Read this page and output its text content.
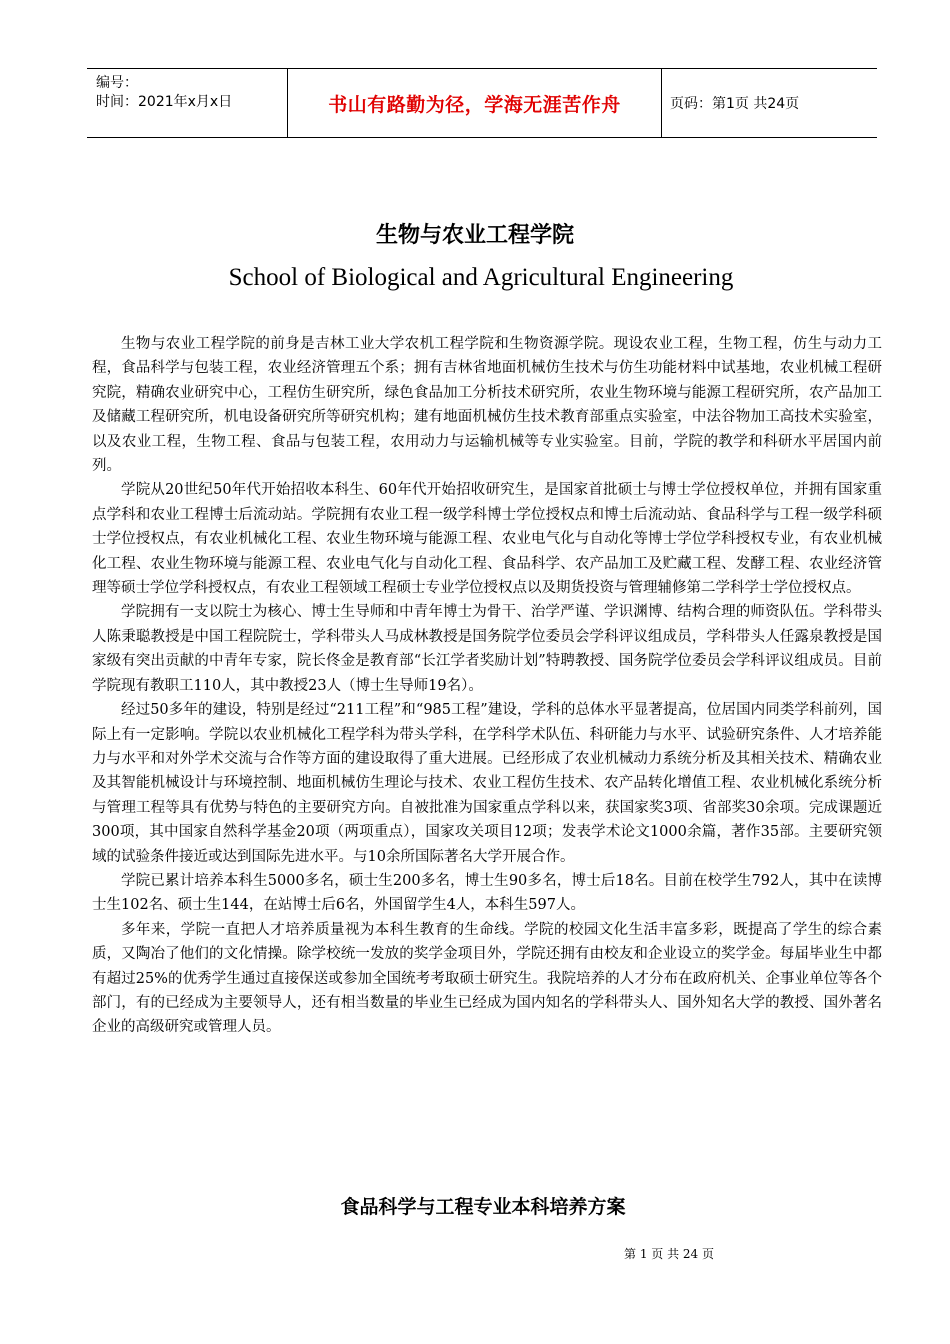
编号：
时间：2021年x月x日	书山有路勤为径，学海无涯苦作舟	页码：第1页 共24页
生物与农业工程学院
School of Biological and Agricultural Engineering

生物与农业工程学院的前身是吉林工业大学农机工程学院和生物资源学院。现设农业工程，生物工程，仿生与动力工程，食品科学与包装工程，农业经济管理五个系；拥有吉林省地面机械仿生技术与仿生功能材料中试基地，农业机械工程研究院，精确农业研究中心，工程仿生研究所，绿色食品加工分析技术研究所，农业生物环境与能源工程研究所，农产品加工及储藏工程研究所，机电设备研究所等研究机构；建有地面机械仿生技术教育部重点实验室，中法谷物加工高技术实验室，以及农业工程，生物工程、食品与包装工程，农用动力与运输机械等专业实验室。目前，学院的教学和科研水平居国内前列。

学院从20世纪50年代开始招收本科生、60年代开始招收研究生，是国家首批硕士与博士学位授权单位，并拥有国家重点学科和农业工程博士后流动站。学院拥有农业工程一级学科博士学位授权点和博士后流动站、食品科学与工程一级学科硕士学位授权点，有农业机械化工程、农业生物环境与能源工程、农业电气化与自动化等博士学位学科授权专业，有农业机械化工程、农业生物环境与能源工程、农业电气化与自动化工程、食品科学、农产品加工及贮藏工程、发酵工程、农业经济管理等硕士学位学科授权点，有农业工程领域工程硕士专业学位授权点以及期货投资与管理辅修第二学科学士学位授权点。

学院拥有一支以院士为核心、博士生导师和中青年博士为骨干、治学严谨、学识渊博、结构合理的师资队伍。学科带头人陈秉聪教授是中国工程院院士，学科带头人马成林教授是国务院学位委员会学科评议组成员，学科带头人任露泉教授是国家级有突出贡献的中青年专家，院长佟金是教育部“长江学者奖励计划”特聘教授、国务院学位委员会学科评议组成员。目前学院现有教职工110人，其中教授23人（博士生导师19名）。

经过50多年的建设，特别是经过“211工程”和“985工程”建设，学科的总体水平显著提高，位居国内同类学科前列，国际上有一定影响。学院以农业机械化工程学科为带头学科，在学科学术队伍、科研能力与水平、试验研究条件、人才培养能力与水平和对外学术交流与合作等方面的建设取得了重大进展。已经形成了农业机械动力系统分析及其相关技术、精确农业及其智能机械设计与环境控制、地面机械仿生理论与技术、农业工程仿生技术、农产品转化增值工程、农业机械化系统分析与管理工程等具有优势与特色的主要研究方向。自被批准为国家重点学科以来，获国家奖3项、省部奖30余项。完成课题近300项，其中国家自然科学基金20项（两项重点），国家攻关项目12项；发表学术论文1000余篇，著作35部。主要研究领域的试验条件接近或达到国际先进水平。与10余所国际著名大学开展合作。

学院已累计培养本科生5000多名，硕士生200多名，博士生90多名，博士后18名。目前在校学生792人，其中在读博士生102名、硕士生144，在站博士后6名，外国留学生4人，本科生597人。

多年来，学院一直把人才培养质量视为本科生教育的生命线。学院的校园文化生活丰富多彩，既提高了学生的综合素质，又陶冶了他们的文化情操。除学校统一发放的奖学金项目外，学院还拥有由校友和企业设立的奖学金。每届毕业生中都有超过25%的优秀学生通过直接保送或参加全国统考考取硕士研究生。我院培养的人才分布在政府机关、企事业单位等各个部门，有的已经成为主要领导人，还有相当数量的毕业生已经成为国内知名的学科带头人、国外知名大学的教授、国外著名企业的高级研究或管理人员。

食品科学与工程专业本科培养方案
第 1 页 共 24 页
